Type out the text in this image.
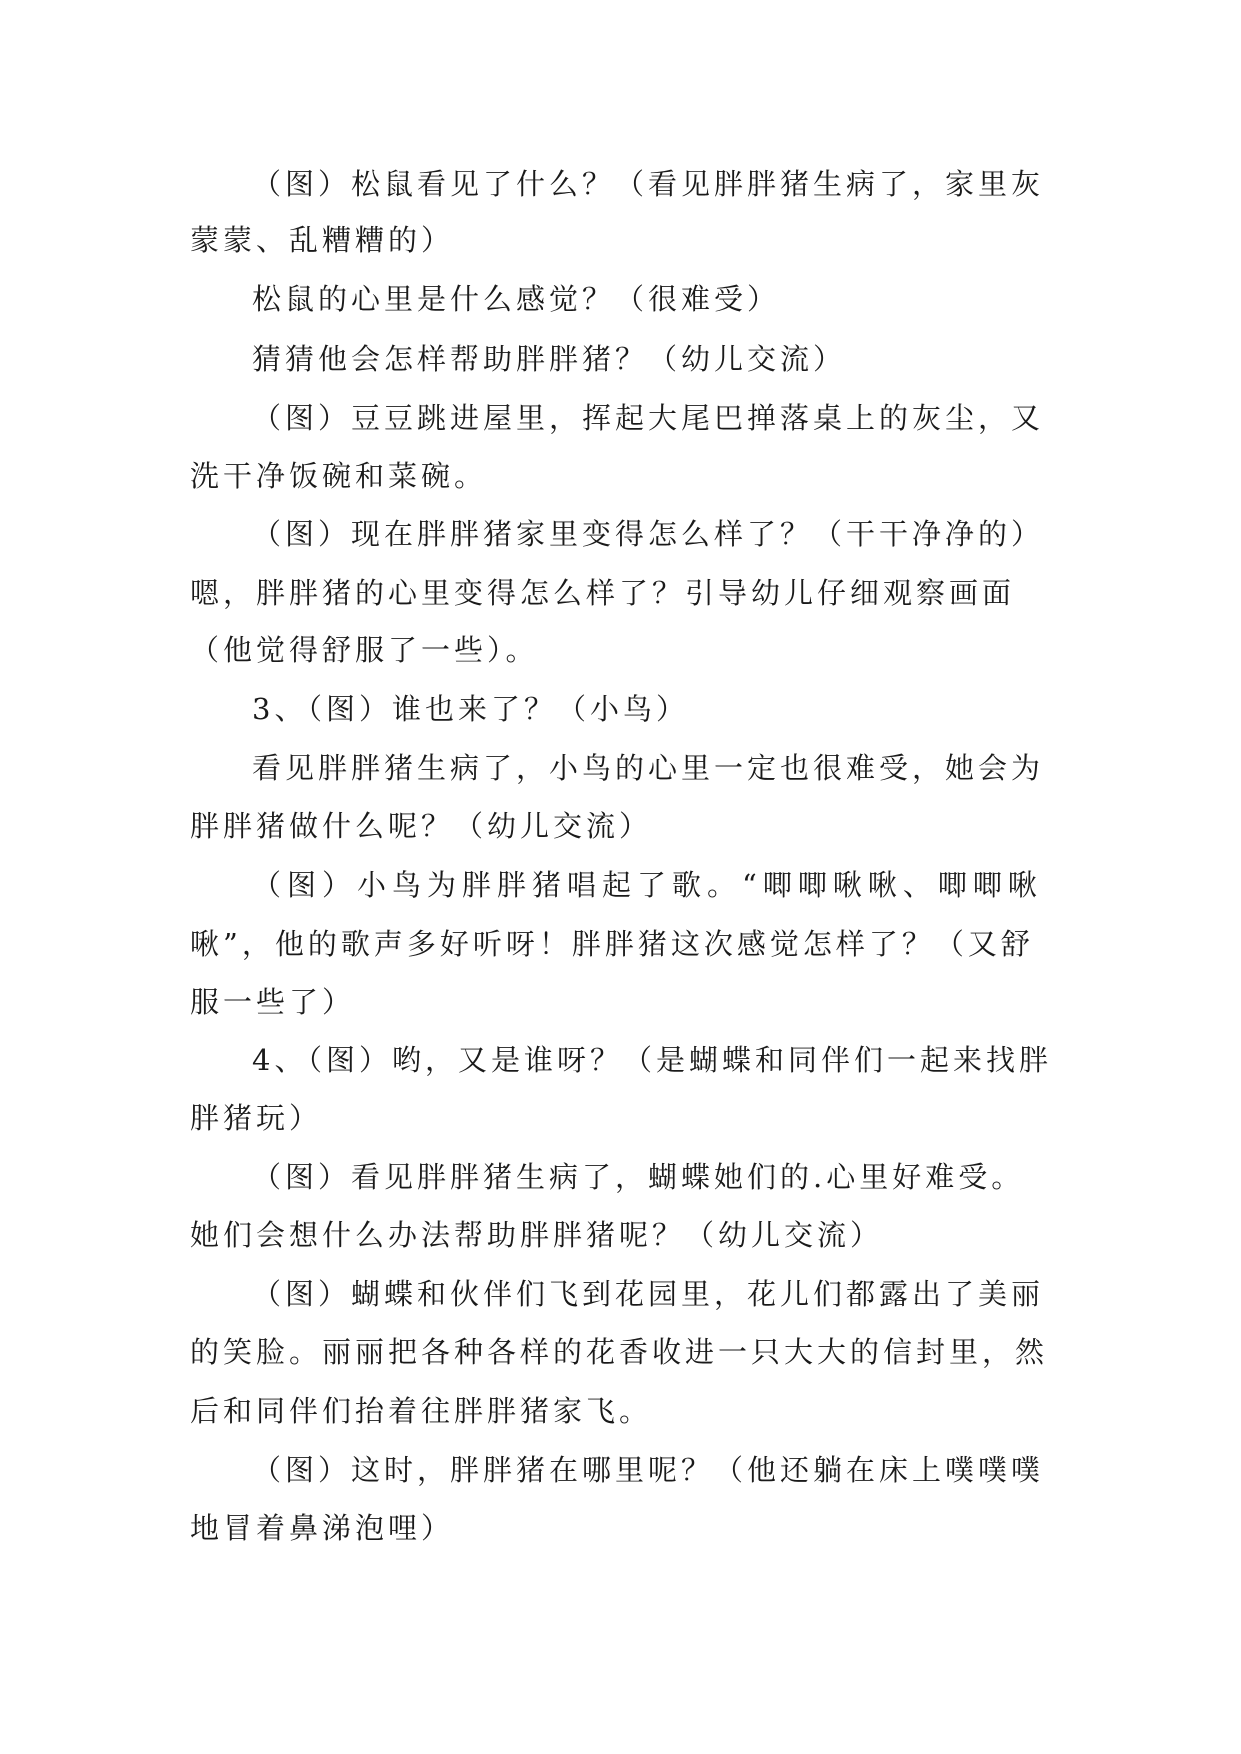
（图）松鼠看见了什么？（看见胖胖猪生病了，家里灰
蒙蒙、乱糟糟的）
松鼠的心里是什么感觉？（很难受）
猜猜他会怎样帮助胖胖猪？（幼儿交流）
（图）豆豆跳进屋里，挥起大尾巴掸落桌上的灰尘，又
洗干净饭碗和菜碗。
（图）现在胖胖猪家里变得怎么样了？（干干净净的）
嗯，胖胖猪的心里变得怎么样了？引导幼儿仔细观察画面
（他觉得舒服了一些）。
3、（图）谁也来了？（小鸟）
看见胖胖猪生病了，小鸟的心里一定也很难受，她会为
胖胖猪做什么呢？（幼儿交流）
（图）小鸟为胖胖猪唱起了歌。“唧唧啾啾、唧唧啾
啾”，他的歌声多好听呀！胖胖猪这次感觉怎样了？（又舒
服一些了）
4、（图）哟，又是谁呀？（是蝴蝶和同伴们一起来找胖
胖猪玩）
（图）看见胖胖猪生病了，蝴蝶她们的.心里好难受。
她们会想什么办法帮助胖胖猪呢？（幼儿交流）
（图）蝴蝶和伙伴们飞到花园里，花儿们都露出了美丽
的笑脸。丽丽把各种各样的花香收进一只大大的信封里，然
后和同伴们抬着往胖胖猪家飞。
（图）这时，胖胖猪在哪里呢？（他还躺在床上噗噗噗
地冒着鼻涕泡哩）
